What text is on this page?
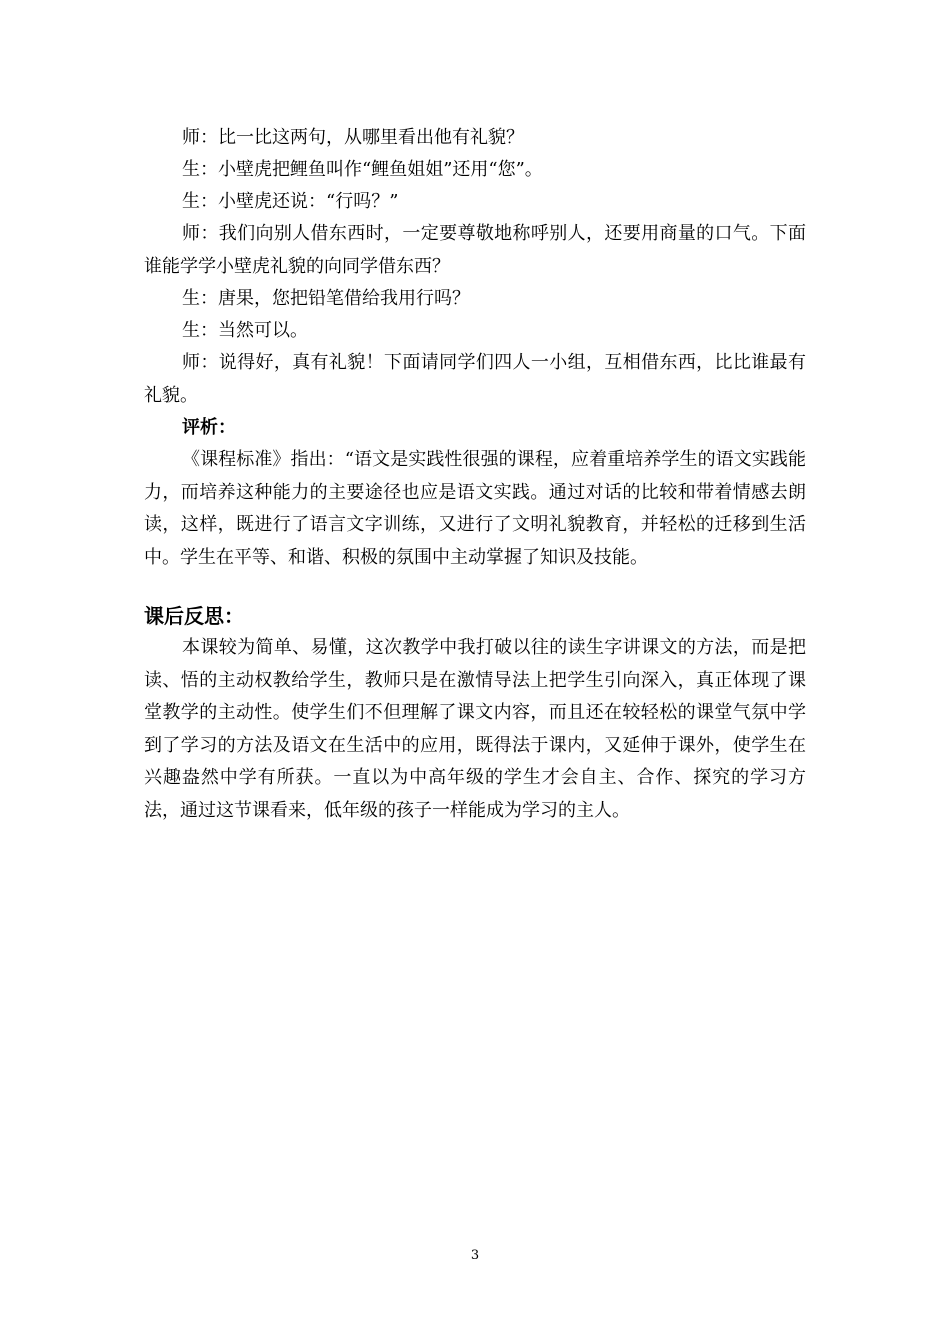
师：比一比这两句，从哪里看出他有礼貌？

生：小壁虎把鲤鱼叫作“鲤鱼姐姐”还用“您”。

生：小壁虎还说：“行吗？”

师：我们向别人借东西时，一定要尊敬地称呼别人，还要用商量的口气。下面谁能学学小壁虎礼貌的向同学借东西？

生：唐果，您把铅笔借给我用行吗？

生：当然可以。

师：说得好，真有礼貌！下面请同学们四人一小组，互相借东西，比比谁最有礼貌。

评析：

《课程标准》指出：“语文是实践性很强的课程，应着重培养学生的语文实践能力，而培养这种能力的主要途径也应是语文实践。通过对话的比较和带着情感去朗读，这样，既进行了语言文字训练，又进行了文明礼貌教育，并轻松的迁移到生活中。学生在平等、和谐、积极的氛围中主动掌握了知识及技能。

课后反思：

本课较为简单、易懂，这次教学中我打破以往的读生字讲课文的方法，而是把读、悟的主动权教给学生，教师只是在激情导法上把学生引向深入，真正体现了课堂教学的主动性。使学生们不但理解了课文内容，而且还在较轻松的课堂气氛中学到了学习的方法及语文在生活中的应用，既得法于课内，又延伸于课外，使学生在兴趣盎然中学有所获。一直以为中高年级的学生才会自主、合作、探究的学习方法，通过这节课看来，低年级的孩子一样能成为学习的主人。

3
